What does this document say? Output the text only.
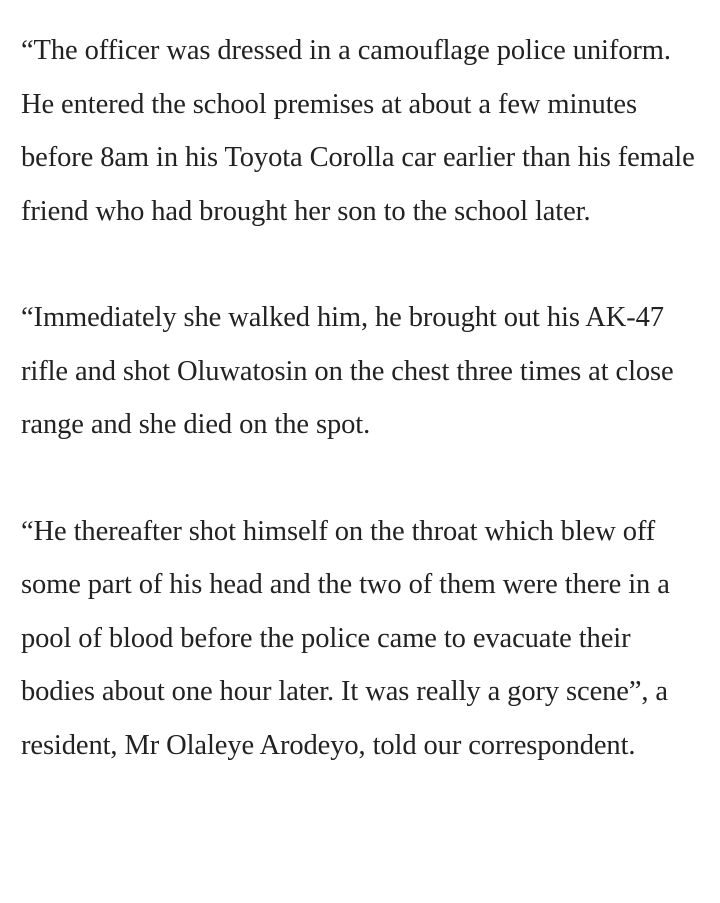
“The officer was dressed in a camouflage police uniform. He entered the school premises at about a few minutes before 8am in his Toyota Corolla car earlier than his female friend who had brought her son to the school later.

“Immediately she walked him, he brought out his AK-47 rifle and shot Oluwatosin on the chest three times at close range and she died on the spot.

“He thereafter shot himself on the throat which blew off some part of his head and the two of them were there in a pool of blood before the police came to evacuate their bodies about one hour later. It was really a gory scene”, a resident, Mr Olaleye Arodeyo, told our correspondent.
